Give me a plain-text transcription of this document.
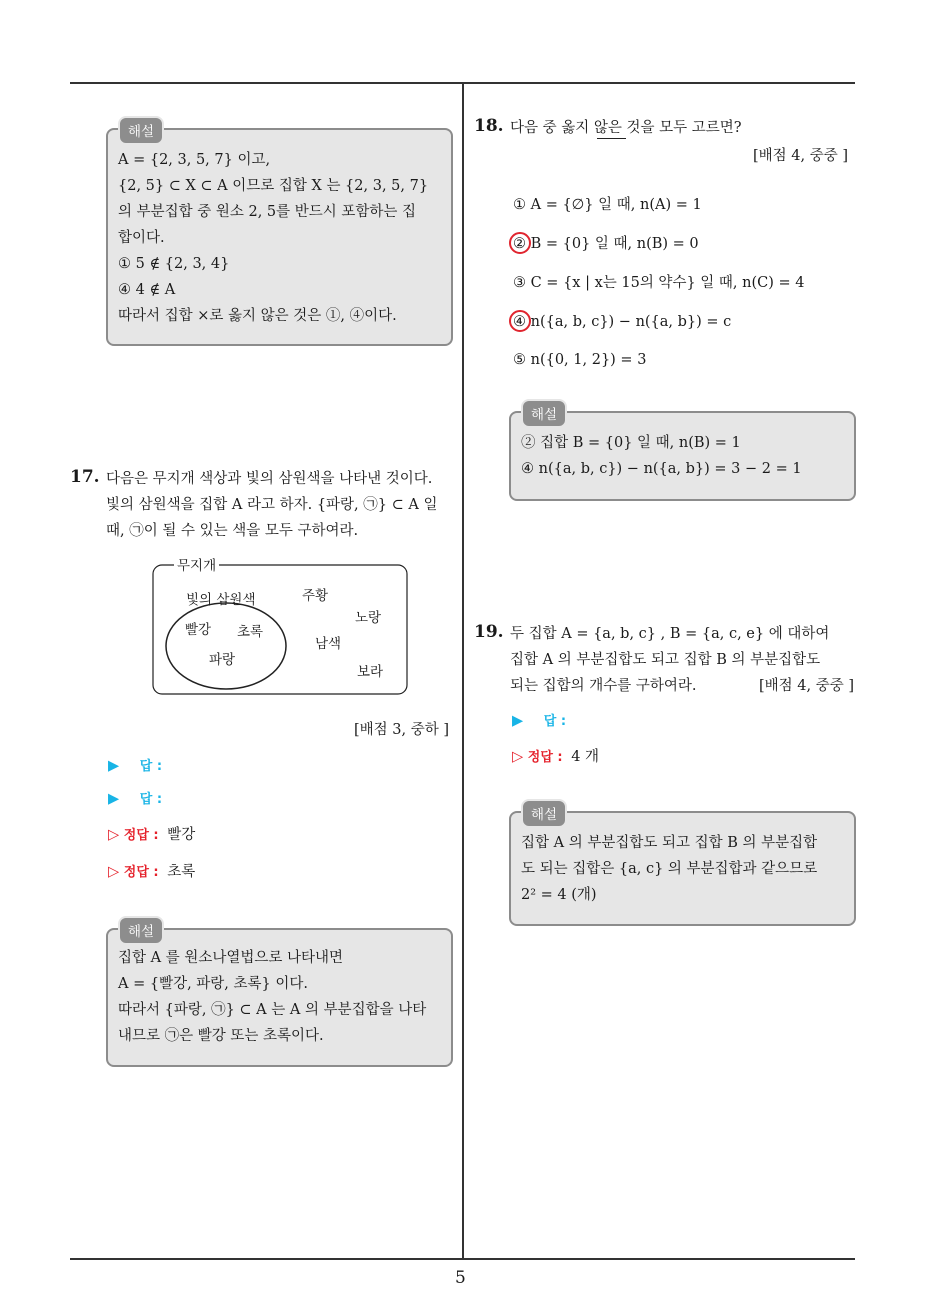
5
해설
A = {2, 3, 5, 7} 이고,
{2, 5} ⊂ X ⊂ A 이므로 집합 X 는 {2, 3, 5, 7}
의 부분집합 중 원소 2, 5를 반드시 포함하는 집
합이다.
① 5 ∉ {2, 3, 4}
④ 4 ∉ A
따라서 집합 ×로 옳지 않은 것은 ①, ④이다.
17. 다음은 무지개 색상과 빛의 삼원색을 나타낸 것이다.
빛의 삼원색을 집합 A 라고 하자. {파랑, ㉠} ⊂ A 일
때, ㉠이 될 수 있는 색을 모두 구하여라.
무지개
빛의 삼원색
빨강 초록
파랑
주황
노랑
남색
보라
[배점 3, 중하 ]
▶ 답 :
▶ 답 :
▷ 정답 : 빨강
▷ 정답 : 초록
해설
집합 A 를 원소나열법으로 나타내면
A = {빨강, 파랑, 초록} 이다.
따라서 {파랑, ㉠} ⊂ A 는 A 의 부분집합을 나타
내므로 ㉠은 빨강 또는 초록이다.
18. 다음 중 옳지 않은 것을 모두 고르면?
[배점 4, 중중 ]
① A = {∅} 일 때, n(A) = 1
② B = {0} 일 때, n(B) = 0
③ C = {x | x는 15의 약수} 일 때, n(C) = 4
④ n({a, b, c}) − n({a, b}) = c
⑤ n({0, 1, 2}) = 3
해설
② 집합 B = {0} 일 때, n(B) = 1
④ n({a, b, c}) − n({a, b}) = 3 − 2 = 1
19. 두 집합 A = {a, b, c} , B = {a, c, e} 에 대하여
집합 A 의 부분집합도 되고 집합 B 의 부분집합도
되는 집합의 개수를 구하여라.	[배점 4, 중중 ]
▶ 답 :
▷ 정답 : 4 개
해설
집합 A 의 부분집합도 되고 집합 B 의 부분집합
도 되는 집합은 {a, c} 의 부분집합과 같으므로
2² = 4 (개)
